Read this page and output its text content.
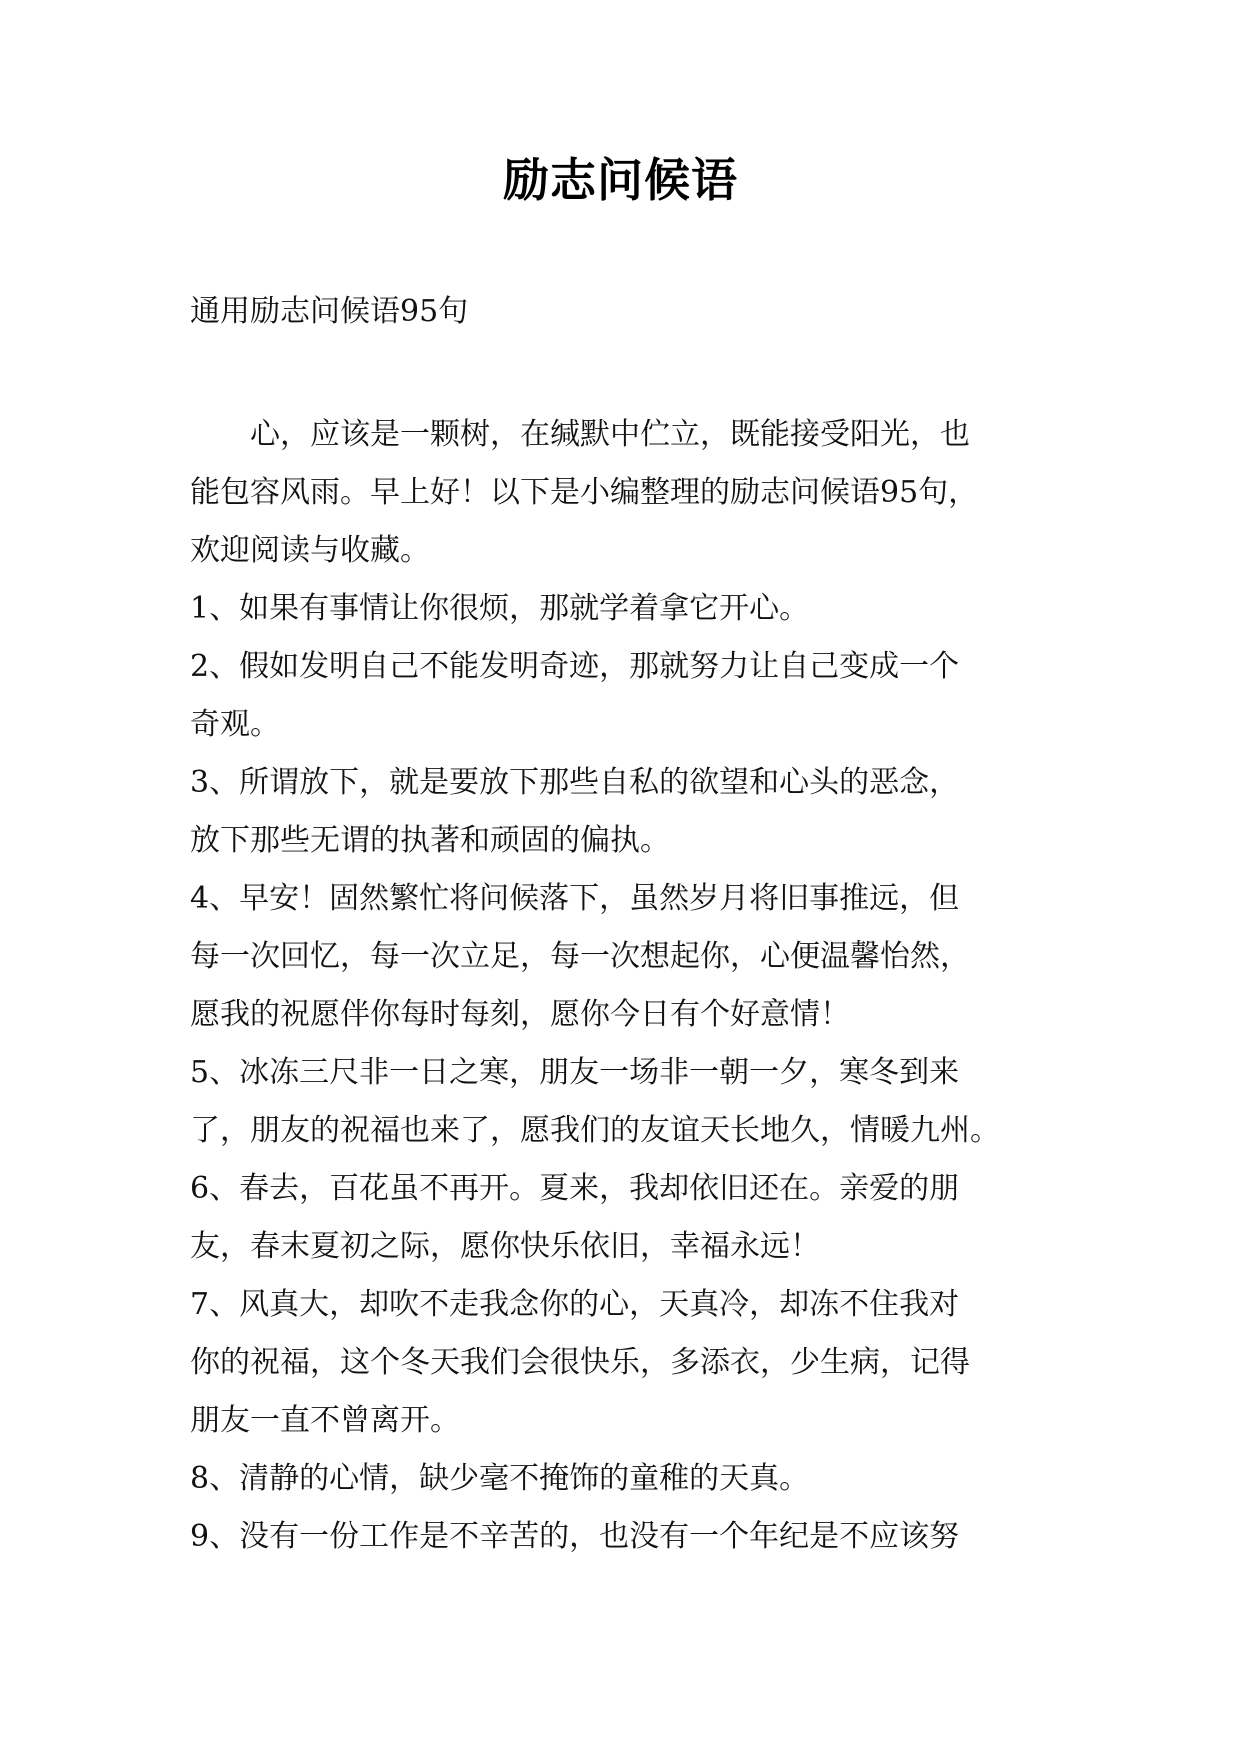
励志问候语
通用励志问候语95句
　　心，应该是一颗树，在缄默中伫立，既能接受阳光，也
能包容风雨。早上好！以下是小编整理的励志问候语95句，
欢迎阅读与收藏。
1、如果有事情让你很烦，那就学着拿它开心。
2、假如发明自己不能发明奇迹，那就努力让自己变成一个
奇观。
3、所谓放下，就是要放下那些自私的欲望和心头的恶念，
放下那些无谓的执著和顽固的偏执。
4、早安！固然繁忙将问候落下，虽然岁月将旧事推远，但
每一次回忆，每一次立足，每一次想起你，心便温馨怡然，
愿我的祝愿伴你每时每刻，愿你今日有个好意情！
5、冰冻三尺非一日之寒，朋友一场非一朝一夕，寒冬到来
了，朋友的祝福也来了，愿我们的友谊天长地久，情暖九州。
6、春去，百花虽不再开。夏来，我却依旧还在。亲爱的朋
友，春末夏初之际，愿你快乐依旧，幸福永远！
7、风真大，却吹不走我念你的心，天真冷，却冻不住我对
你的祝福，这个冬天我们会很快乐，多添衣，少生病，记得
朋友一直不曾离开。
8、清静的心情，缺少毫不掩饰的童稚的天真。
9、没有一份工作是不辛苦的，也没有一个年纪是不应该努
